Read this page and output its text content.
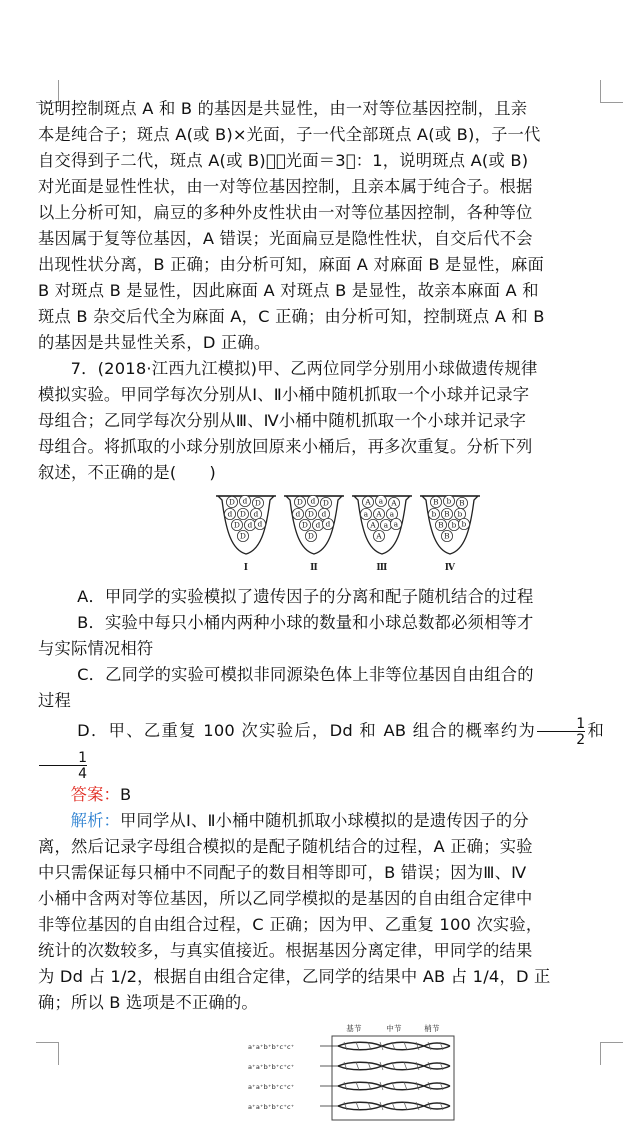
说明控制斑点 A 和 B 的基因是共显性，由一对等位基因控制，且亲

本是纯合子；斑点 A(或 B)×光面，子一代全部斑点 A(或 B)，子一代

自交得到子二代，斑点 A(或 B) ：光面＝3 ：1，说明斑点 A(或 B)

对光面是显性性状，由一对等位基因控制，且亲本属于纯合子。根据

以上分析可知，扁豆的多种外皮性状由一对等位基因控制，各种等位

基因属于复等位基因，A 错误；光面扁豆是隐性性状，自交后代不会

出现性状分离，B 正确；由分析可知，麻面 A 对麻面 B 是显性，麻面

B 对斑点 B 是显性，因此麻面 A 对斑点 B 是显性，故亲本麻面 A 和

斑点 B 杂交后代全为麻面 A，C 正确；由分析可知，控制斑点 A 和 B

的基因是共显性关系，D 正确。

7．(2018·江西九江模拟)甲、乙两位同学分别用小球做遗传规律

模拟实验。甲同学每次分别从Ⅰ、Ⅱ小桶中随机抓取一个小球并记录字

母组合；乙同学每次分别从Ⅲ、Ⅳ小桶中随机抓取一个小球并记录字

母组合。将抓取的小球分别放回原来小桶后，再多次重复。分析下列

叙述，不正确的是(　　)

D d D
d D d
D d
D
d
Ⅰ
D d D
d D d
D d
D
d
Ⅱ
A a A
a A a
A a
A
a
Ⅲ
B b B
b B b
B b
B
b
Ⅳ

A．甲同学的实验模拟了遗传因子的分离和配子随机结合的过程

B．实验中每只小桶内两种小球的数量和小球总数都必须相等才

与实际情况相符

C．乙同学的实验可模拟非同源染色体上非等位基因自由组合的

过程

D．甲、乙重复 100 次实验后，Dd 和 AB 组合的概率约为 $\frac{1}{2}$ 和
$\frac{1}{4}$

答案：B

解析：甲同学从Ⅰ、Ⅱ小桶中随机抓取小球模拟的是遗传因子的分

离，然后记录字母组合模拟的是配子随机结合的过程，A 正确；实验

中只需保证每只桶中不同配子的数目相等即可，B 错误；因为Ⅲ、Ⅳ

小桶中含两对等位基因，所以乙同学模拟的是基因的自由组合定律中

非等位基因的自由组合过程，C 正确；因为甲、乙重复 100 次实验，

统计的次数较多，与真实值接近。根据基因分离定律，甲同学的结果

为 Dd 占 1/2，根据自由组合定律，乙同学的结果中 AB 占 1/4，D 正

确；所以 B 选项是不正确的。

基节	中节	梢节
a⁺a⁺b⁺b⁺c⁺c⁺
a⁺a⁺b⁺b⁺c⁺c⁺
a⁺a⁺b⁺b⁺c⁺c⁺
a⁺a⁺b⁺b⁺c⁺c⁺
